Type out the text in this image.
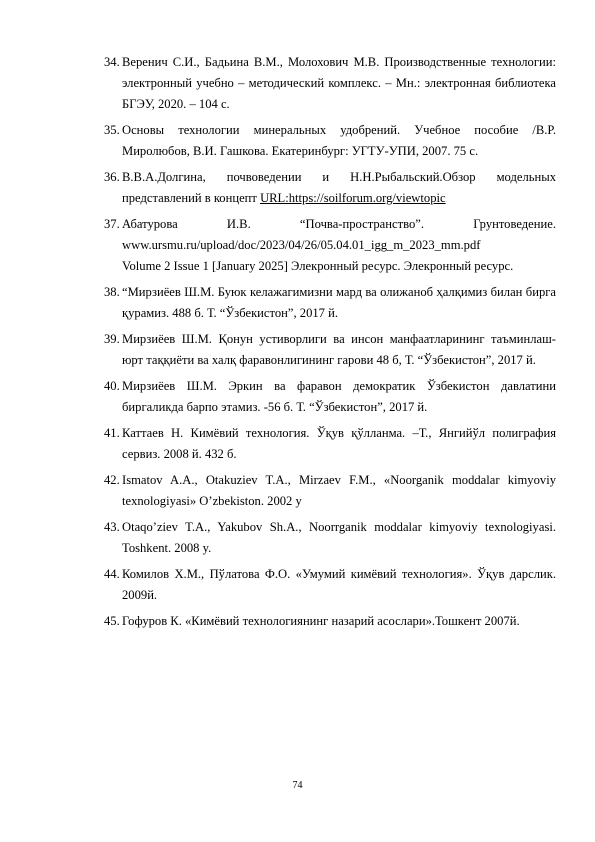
34. Веренич С.И., Бадьина В.М., Молохович М.В. Производственные технологии: электронный учебно – методический комплекс. – Мн.: электронная библиотека БГЭУ, 2020. – 104 с.
35. Основы технологии минеральных удобрений. Учебное пособие /В.Р. Миролюбов, В.И. Гашкова. Екатеринбург: УГТУ-УПИ, 2007. 75 с.
36. В.В.А.Долгина, почвоведении и Н.Н.Рыбальский.Обзор модельных представлений в концепт URL:https://soilforum.org/viewtopic
37. Абатурова И.В. “Почва-пространство”. Грунтоведение. www.ursmu.ru/upload/doc/2023/04/26/05.04.01_igg_m_2023_mm.pdf
Volume 2 Issue 1 [January 2025] Элекронный ресурс. Элекронный ресурс.
38. “Мирзиёев Ш.М. Буюк келажагимизни мард ва олижаноб ҳалқимиз билан бирга қурамиз. 488 б. Т. “Ўзбекистон”, 2017 й.
39. Мирзиёев Ш.М. Қонун устиворлиги ва инсон манфаатларининг таъминлаш- юрт таққиёти ва халқ фаравонлигининг гарови 48 б, Т. “Ўзбекистон”, 2017 й.
40. Мирзиёев Ш.М. Эркин ва фаравон демократик Ўзбекистон давлатини биргаликда барпо этамиз. -56 б. Т. “Ўзбекистон”, 2017 й.
41. Каттаев Н. Кимёвий технология. Ўқув қўлланма. –Т., Янгийўл полиграфия сервиз. 2008 й. 432 б.
42. Ismatov A.A., Otakuziev T.A., Mirzaev F.M., «Noorganik moddalar kimyoviy texnologiyasi» O’zbekiston. 2002 y
43. Otaqo’ziev T.A., Yakubov Sh.A., Noorrganik moddalar kimyoviy texnologiyasi. Toshkent. 2008 y.
44. Комилов Х.М., Пўлатова Ф.О. «Умумий кимёвий технология». Ўқув дарслик. 2009й.
45. Гофуров К. «Кимёвий технологиянинг назарий асослари».Тошкент 2007й.
74
